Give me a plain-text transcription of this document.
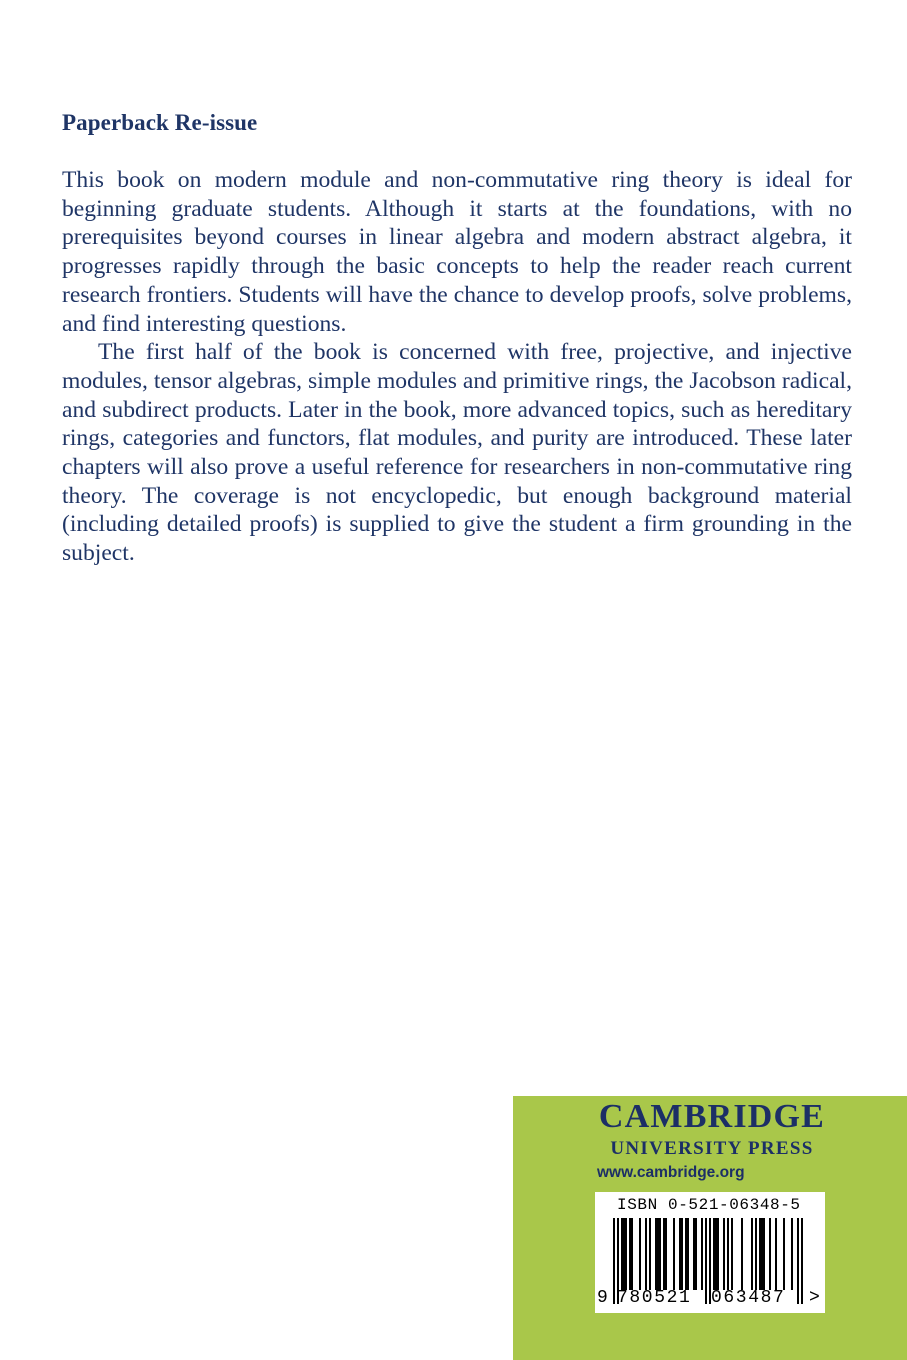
Paperback Re-issue

This book on modern module and non-commutative ring theory is ideal for beginning graduate students. Although it starts at the foundations, with no prerequisites beyond courses in linear algebra and modern abstract algebra, it progresses rapidly through the basic concepts to help the reader reach current research frontiers. Students will have the chance to develop proofs, solve problems, and find interesting questions.

The first half of the book is concerned with free, projective, and injective modules, tensor algebras, simple modules and primitive rings, the Jacobson radical, and subdirect products. Later in the book, more advanced topics, such as hereditary rings, categories and functors, flat modules, and purity are introduced. These later chapters will also prove a useful reference for researchers in non-commutative ring theory. The coverage is not encyclopedic, but enough background material (including detailed proofs) is supplied to give the student a firm grounding in the subject.

CAMBRIDGE
UNIVERSITY PRESS
www.cambridge.org
ISBN 0-521-06348-5
9 780521 063487 >
